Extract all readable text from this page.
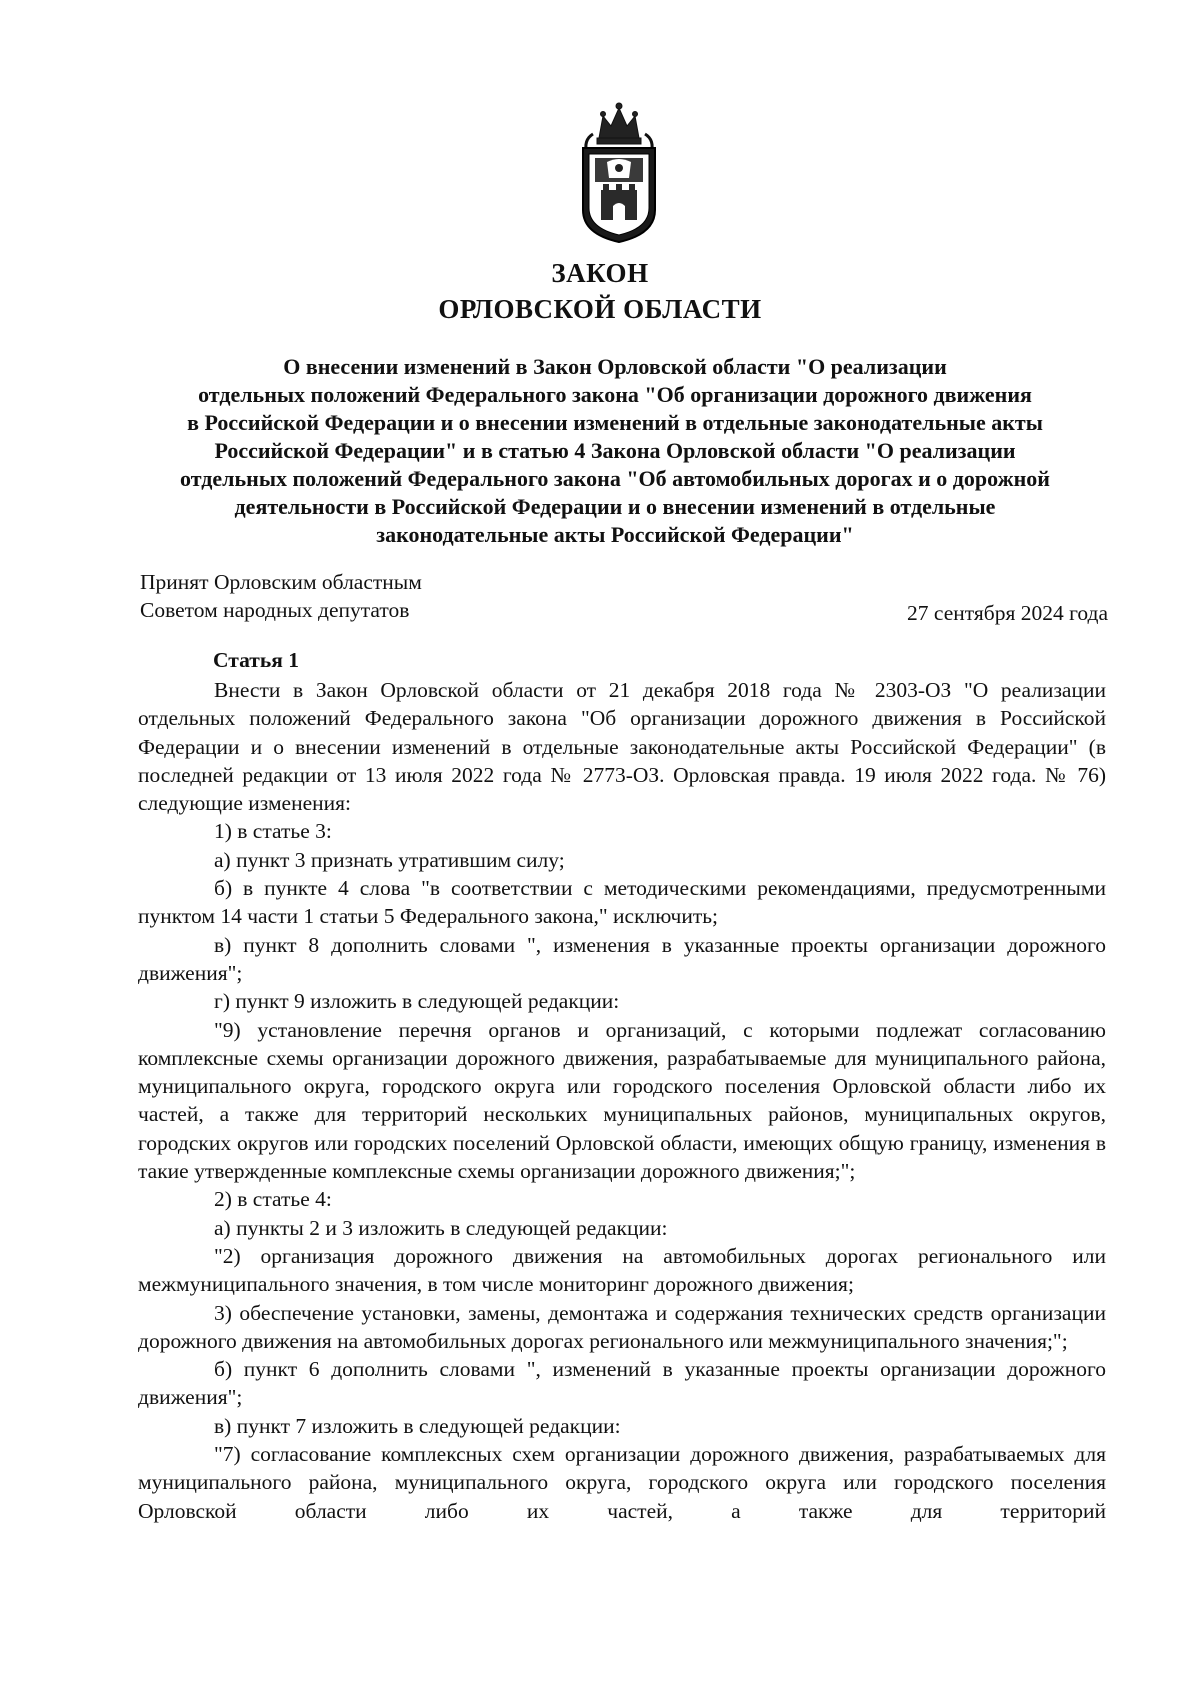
ЗАКОН
ОРЛОВСКОЙ ОБЛАСТИ
О внесении изменений в Закон Орловской области "О реализации
отдельных положений Федерального закона "Об организации дорожного движения
в Российской Федерации и о внесении изменений в отдельные законодательные акты
Российской Федерации" и в статью 4 Закона Орловской области "О реализации
отдельных положений Федерального закона "Об автомобильных дорогах и о дорожной
деятельности в Российской Федерации и о внесении изменений в отдельные
законодательные акты Российской Федерации"
Принят Орловским областным
Советом народных депутатов	27 сентября 2024 года
Статья 1

Внести в Закон Орловской области от 21 декабря 2018 года № 2303-ОЗ "О реализации отдельных положений Федерального закона "Об организации дорожного движения в Российской Федерации и о внесении изменений в отдельные законодательные акты Российской Федерации" (в последней редакции от 13 июля 2022 года № 2773-ОЗ. Орловская правда. 19 июля 2022 года. № 76) следующие изменения:

1) в статье 3:

а) пункт 3 признать утратившим силу;

б) в пункте 4 слова "в соответствии с методическими рекомендациями, предусмотренными пунктом 14 части 1 статьи 5 Федерального закона," исключить;

в) пункт 8 дополнить словами ", изменения в указанные проекты организации дорожного движения";

г) пункт 9 изложить в следующей редакции:

"9) установление перечня органов и организаций, с которыми подлежат согласованию комплексные схемы организации дорожного движения, разрабатываемые для муниципального района, муниципального округа, городского округа или городского поселения Орловской области либо их частей, а также для территорий нескольких муниципальных районов, муниципальных округов, городских округов или городских поселений Орловской области, имеющих общую границу, изменения в такие утвержденные комплексные схемы организации дорожного движения;";

2) в статье 4:

а) пункты 2 и 3 изложить в следующей редакции:

"2) организация дорожного движения на автомобильных дорогах регионального или межмуниципального значения, в том числе мониторинг дорожного движения;

3) обеспечение установки, замены, демонтажа и содержания технических средств организации дорожного движения на автомобильных дорогах регионального или межмуниципального значения;";

б) пункт 6 дополнить словами ", изменений в указанные проекты организации дорожного движения";

в) пункт 7 изложить в следующей редакции:

"7) согласование комплексных схем организации дорожного движения, разрабатываемых для муниципального района, муниципального округа, городского округа или городского поселения Орловской области либо их частей, а также для территорий
